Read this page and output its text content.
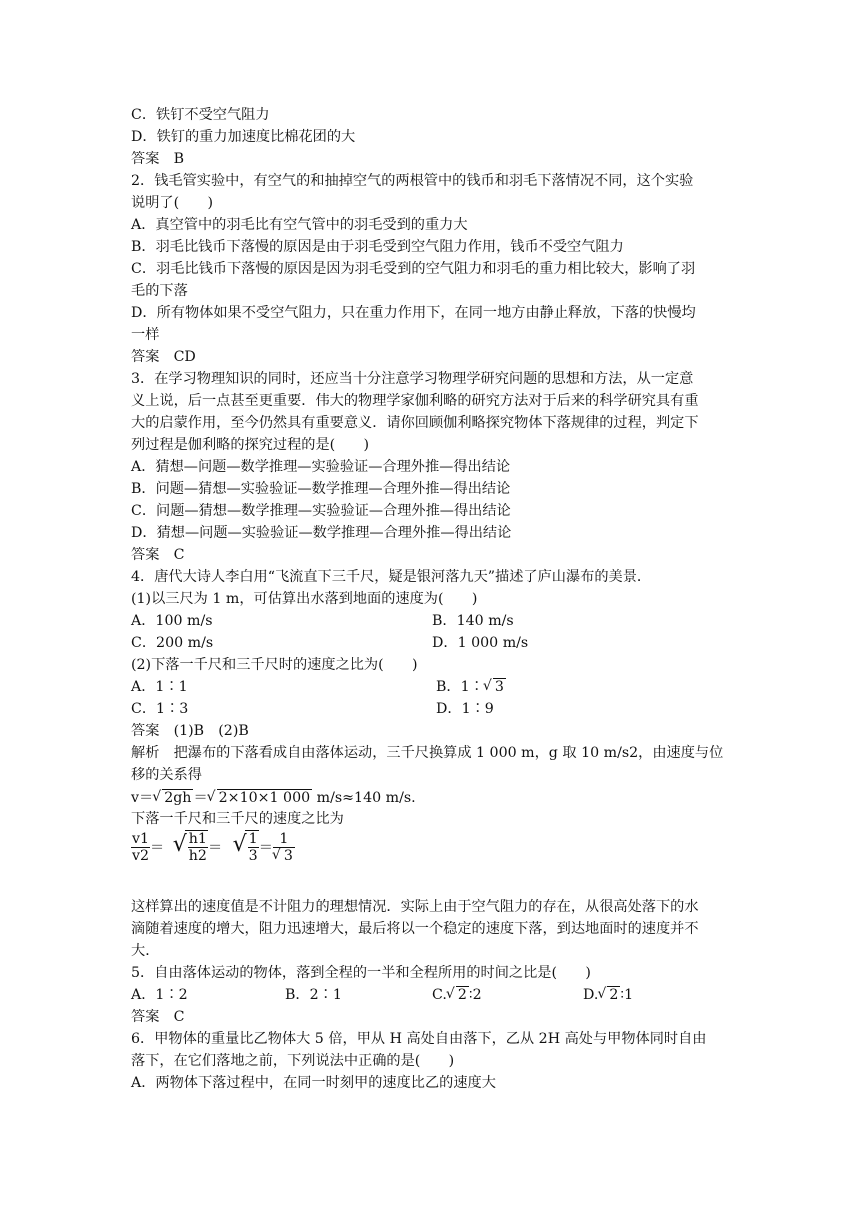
C．铁钉不受空气阻力
D．铁钉的重力加速度比棉花团的大
答案　B
2．钱毛管实验中，有空气的和抽掉空气的两根管中的钱币和羽毛下落情况不同，这个实验
说明了(　　)
A．真空管中的羽毛比有空气管中的羽毛受到的重力大
B．羽毛比钱币下落慢的原因是由于羽毛受到空气阻力作用，钱币不受空气阻力
C．羽毛比钱币下落慢的原因是因为羽毛受到的空气阻力和羽毛的重力相比较大，影响了羽
毛的下落
D．所有物体如果不受空气阻力，只在重力作用下，在同一地方由静止释放，下落的快慢均
一样
答案　CD
3．在学习物理知识的同时，还应当十分注意学习物理学研究问题的思想和方法，从一定意
义上说，后一点甚至更重要．伟大的物理学家伽利略的研究方法对于后来的科学研究具有重
大的启蒙作用，至今仍然具有重要意义．请你回顾伽利略探究物体下落规律的过程，判定下
列过程是伽利略的探究过程的是(　　)
A．猜想—问题—数学推理—实验验证—合理外推—得出结论
B．问题—猜想—实验验证—数学推理—合理外推—得出结论
C．问题—猜想—数学推理—实验验证—合理外推—得出结论
D．猜想—问题—实验验证—数学推理—合理外推—得出结论
答案　C
4．唐代大诗人李白用“飞流直下三千尺，疑是银河落九天”描述了庐山瀑布的美景．
(1)以三尺为 1 m，可估算出水落到地面的速度为(　　)
A．100 m/s	B．140 m/s
C．200 m/s	D．1 000 m/s
(2)下落一千尺和三千尺时的速度之比为(　　)
A．1∶1	B．1∶ √ 3
C．1∶3	D．1∶9
答案　(1)B　(2)B
解析　把瀑布的下落看成自由落体运动，三千尺换算成 1 000 m，g 取 10 m/s2，由速度与位
移的关系得
v＝ √ 2gh ＝ √ 2×10×1 000 m/s≈140 m/s.
下落一千尺和三千尺的速度之比为
$\frac{v1}{v2}$ ＝ √
$\frac{h1}{h2}$ ＝ √
$\frac{1}{3} = 1$
√ 3
这样算出的速度值是不计阻力的理想情况．实际上由于空气阻力的存在，从很高处落下的水
滴随着速度的增大，阻力迅速增大，最后将以一个稳定的速度下落，到达地面时的速度并不
大．
5．自由落体运动的物体，落到全程的一半和全程所用的时间之比是(　　)
A．1∶2	B．2∶1	C. √ 2 ∶2	D. √ 2 ∶1
答案　C
6．甲物体的重量比乙物体大 5 倍，甲从 H 高处自由落下，乙从 2H 高处与甲物体同时自由
落下，在它们落地之前，下列说法中正确的是(　　)
A．两物体下落过程中，在同一时刻甲的速度比乙的速度大
